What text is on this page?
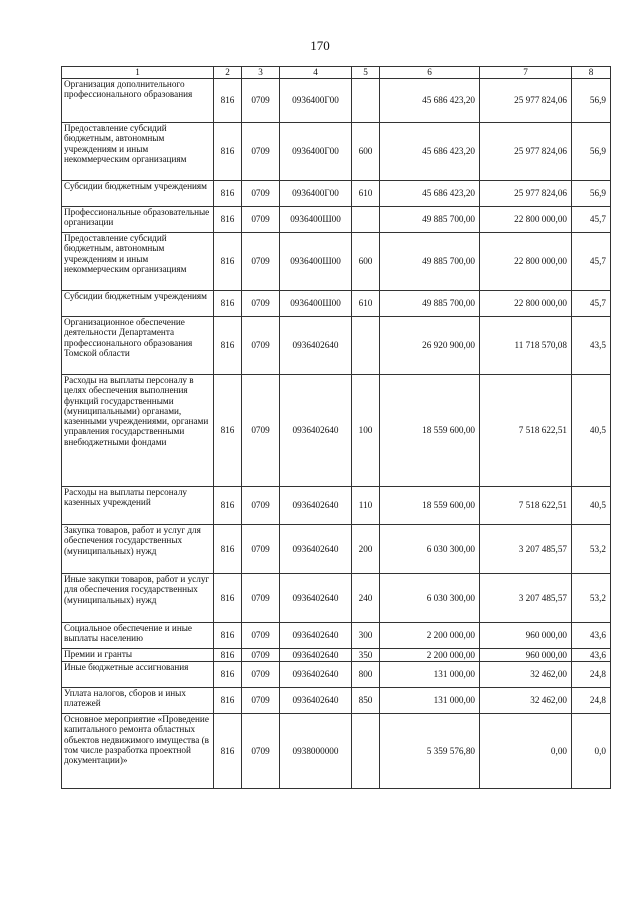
170
1	2	3	4	5	6	7	8
Организация дополнительного профессионального образования	816	0709	0936400Г00		45 686 423,20	25 977 824,06	56,9
Предоставление субсидий бюджетным, автономным учреждениям и иным некоммерческим организациям	816	0709	0936400Г00	600	45 686 423,20	25 977 824,06	56,9
Субсидии бюджетным учреждениям	816	0709	0936400Г00	610	45 686 423,20	25 977 824,06	56,9
Профессиональные образовательные организации	816	0709	0936400Ш00		49 885 700,00	22 800 000,00	45,7
Предоставление субсидий бюджетным, автономным учреждениям и иным некоммерческим организациям	816	0709	0936400Ш00	600	49 885 700,00	22 800 000,00	45,7
Субсидии бюджетным учреждениям	816	0709	0936400Ш00	610	49 885 700,00	22 800 000,00	45,7
Организационное обеспечение деятельности Департамента профессионального образования Томской области	816	0709	0936402640		26 920 900,00	11 718 570,08	43,5
Расходы на выплаты персоналу в целях обеспечения выполнения функций государственными (муниципальными) органами, казенными учреждениями, органами управления государственными внебюджетными фондами	816	0709	0936402640	100	18 559 600,00	7 518 622,51	40,5
Расходы на выплаты персоналу казенных учреждений	816	0709	0936402640	110	18 559 600,00	7 518 622,51	40,5
Закупка товаров, работ и услуг для обеспечения государственных (муниципальных) нужд	816	0709	0936402640	200	6 030 300,00	3 207 485,57	53,2
Иные закупки товаров, работ и услуг для обеспечения государственных (муниципальных) нужд	816	0709	0936402640	240	6 030 300,00	3 207 485,57	53,2
Социальное обеспечение и иные выплаты населению	816	0709	0936402640	300	2 200 000,00	960 000,00	43,6
Премии и гранты	816	0709	0936402640	350	2 200 000,00	960 000,00	43,6
Иные бюджетные ассигнования	816	0709	0936402640	800	131 000,00	32 462,00	24,8
Уплата налогов, сборов и иных платежей	816	0709	0936402640	850	131 000,00	32 462,00	24,8
Основное мероприятие «Проведение капитального ремонта областных объектов недвижимого имущества (в том числе разработка проектной документации)»	816	0709	0938000000		5 359 576,80	0,00	0,0
